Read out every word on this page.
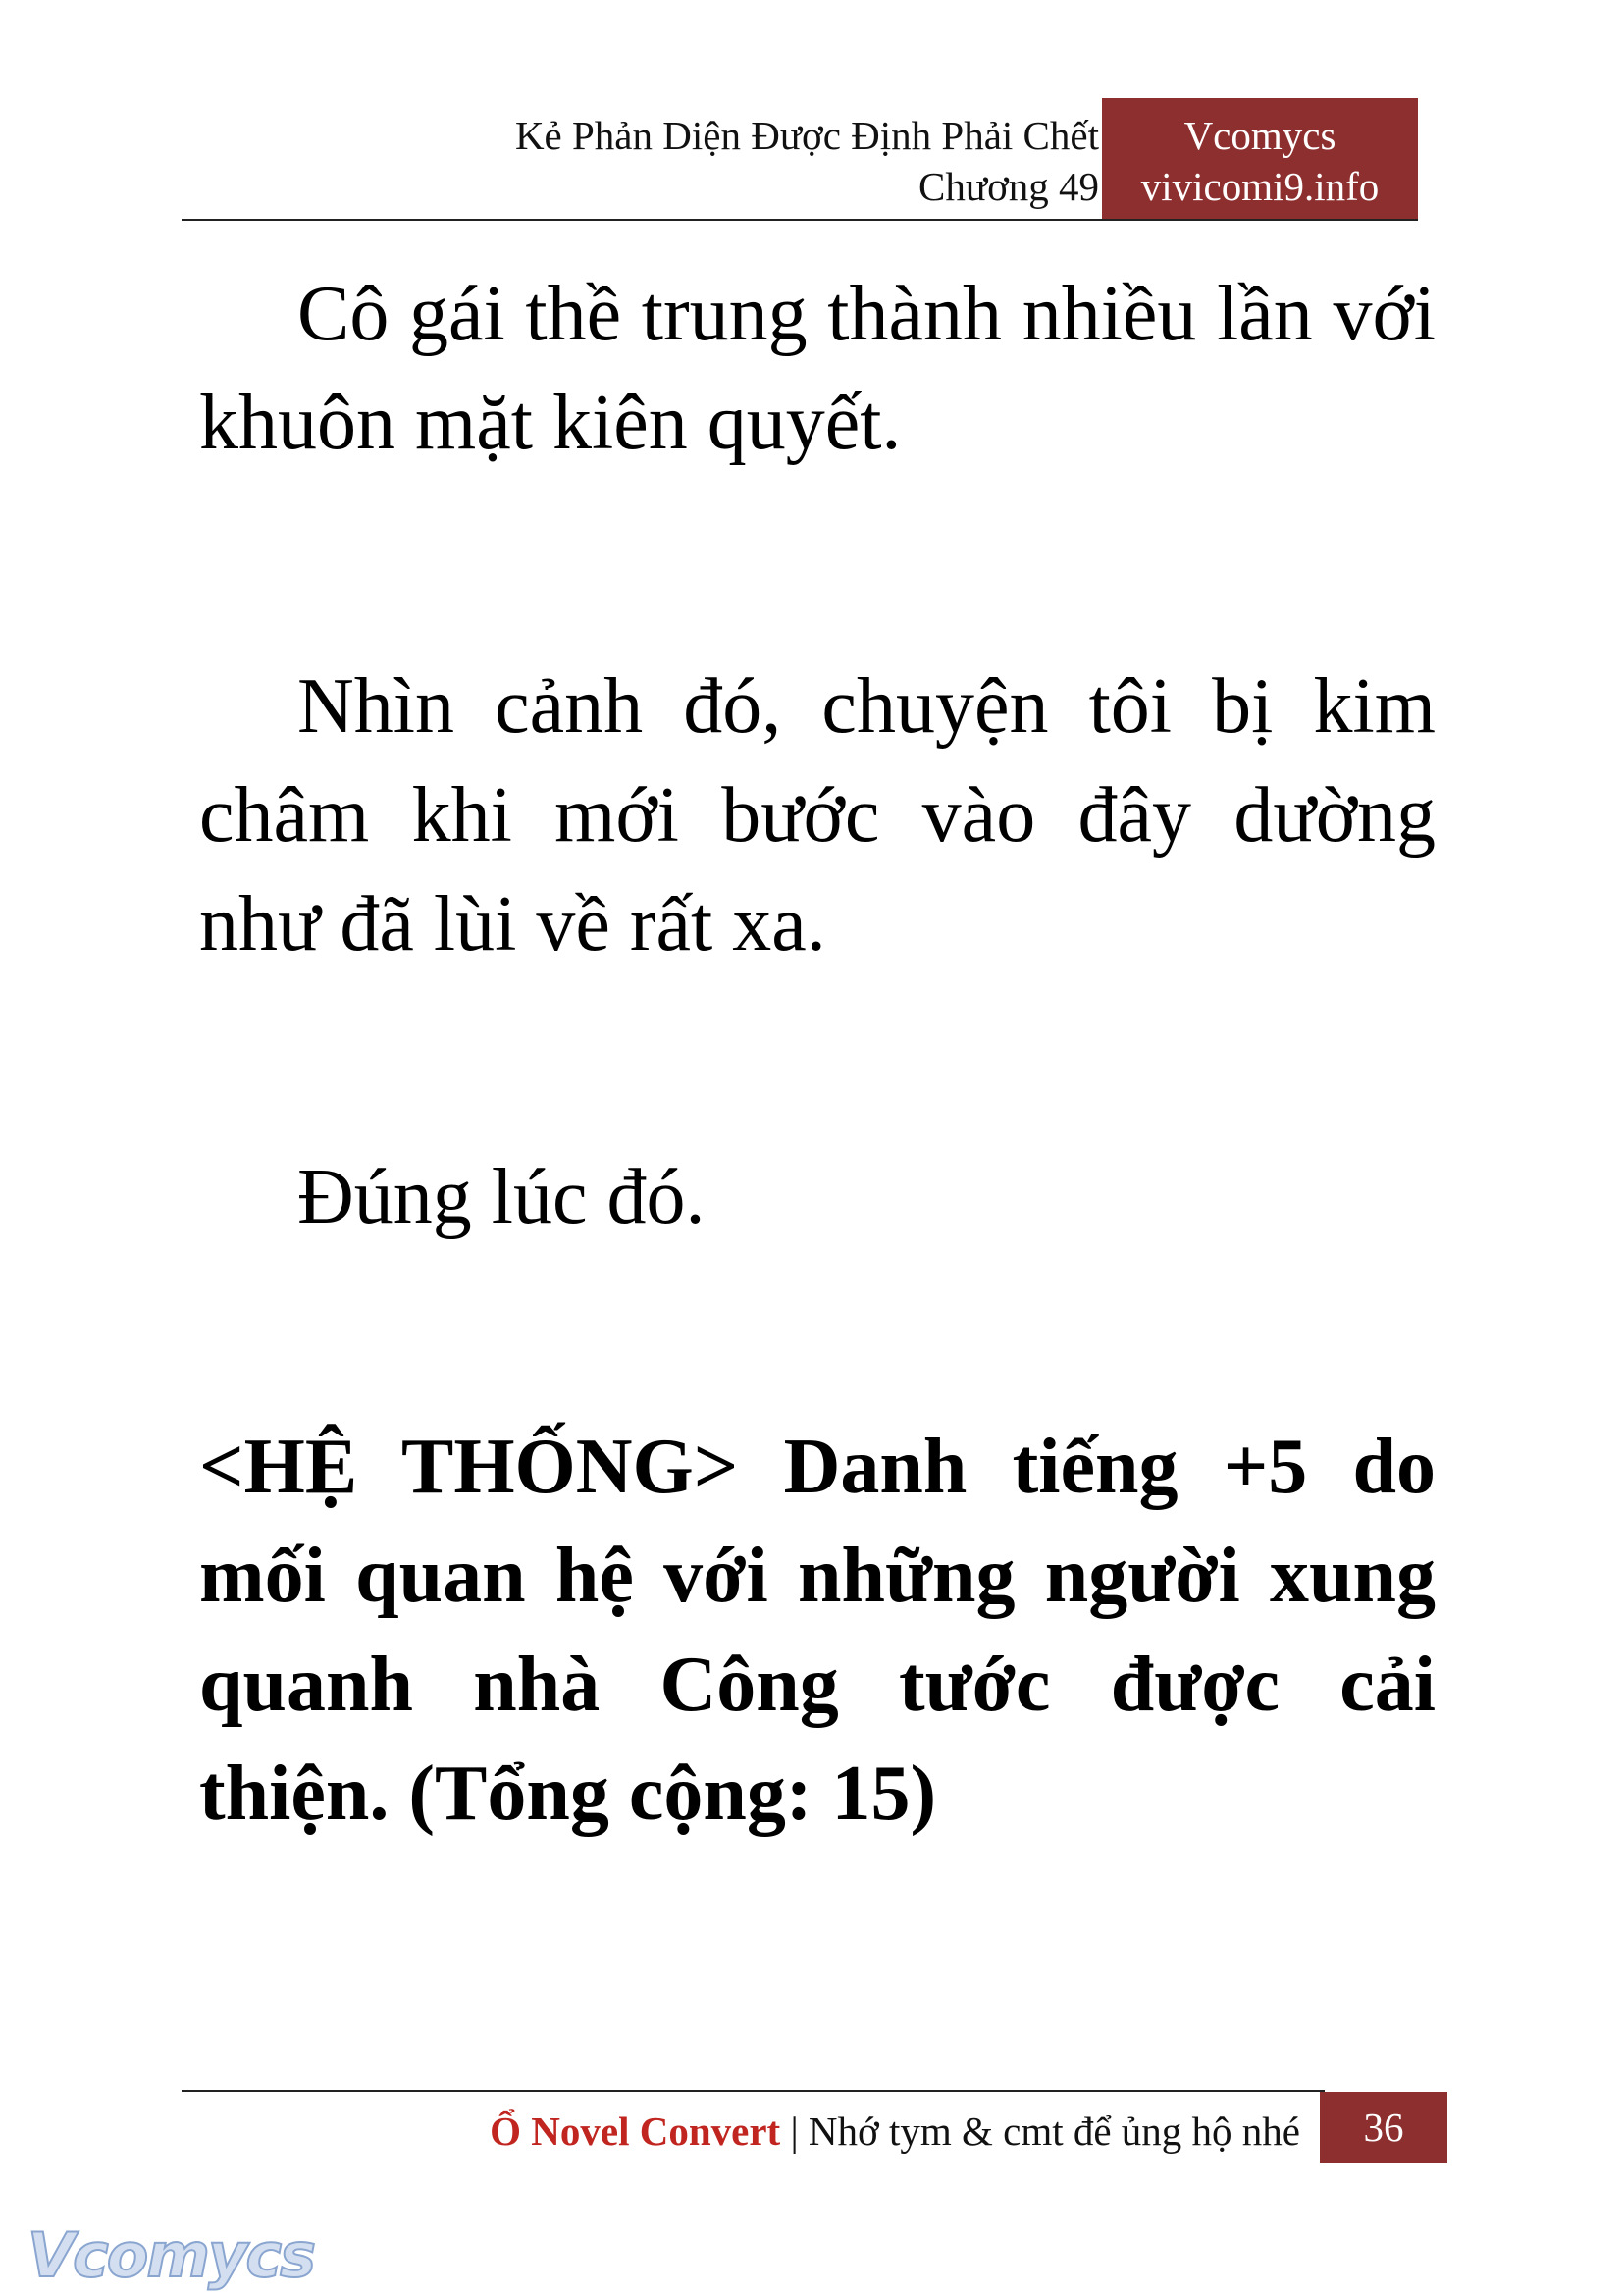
Kẻ Phản Diện Được Định Phải Chết
Chương 49
Vcomycs
vivicomi9.info

Cô gái thề trung thành nhiều lần với khuôn mặt kiên quyết.

Nhìn cảnh đó, chuyện tôi bị kim châm khi mới bước vào đây dường như đã lùi về rất xa.

Đúng lúc đó.

<HỆ THỐNG> Danh tiếng +5 do mối quan hệ với những người xung quanh nhà Công tước được cải thiện. (Tổng cộng: 15)

Ổ Novel Convert | Nhớ tym & cmt để ủng hộ nhé	36
Vcomycs
